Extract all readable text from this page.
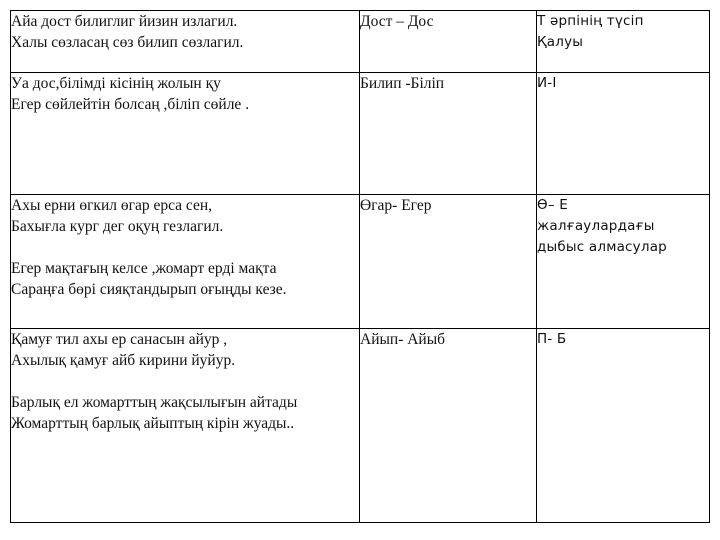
Айа дост билиглиг йизин излагил.
Халы сөзласаң сөз билип сөзлагил.	Дост – Дос	Т әрпінің түсіп
Қалуы

Уа дос,білімді кісінің жолын қу
Егер сөйлейтін болсаң ,біліп сөйле .	Билип -Біліп	И-І

Ахы ерни өгкил өгар ерса сен,
Бахығла кург дег оқуң гезлагил.
Егер мақтағың келсе ,жомарт ерді мақта
Сараңға бөрі сияқтандырып оғыңды кезе.	Өгар- Егер	Ө– Е
жалғаулардағы
дыбыс алмасулар

Қамуғ тил ахы ер санасын айур ,
Ахылық қамуғ айб кирини йуйур.
Барлық ел жомарттың жақсылығын айтады
Жомарттың барлық айыптың кірін жуады..	Айып- Айыб	П- Б
